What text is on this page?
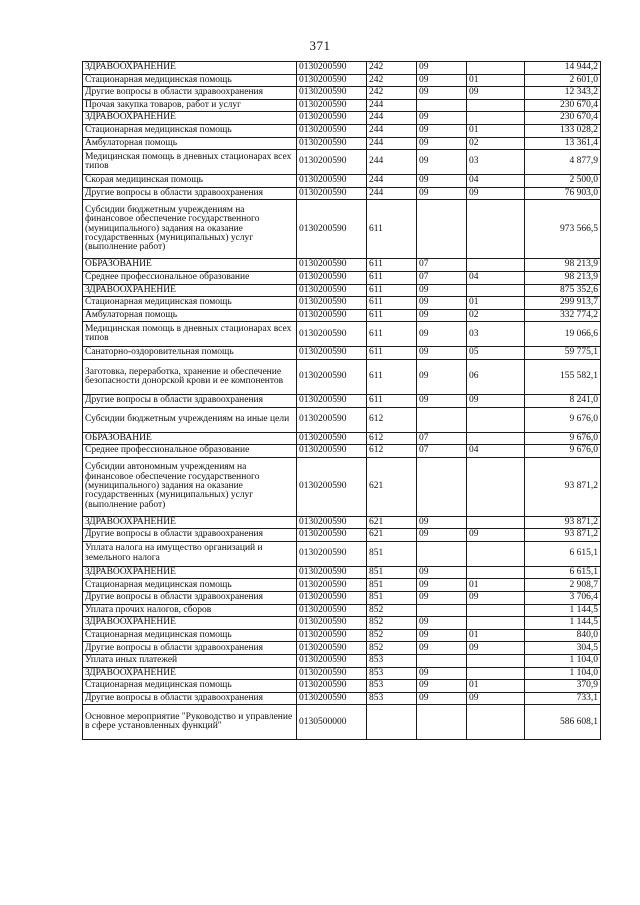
371
ЗДРАВООХРАНЕНИЕ	0130200590	242	09		14 944,2
Стационарная медицинская помощь	0130200590	242	09	01	2 601,0
Другие вопросы в области здравоохранения	0130200590	242	09	09	12 343,2
Прочая закупка товаров, работ и услуг	0130200590	244			230 670,4
ЗДРАВООХРАНЕНИЕ	0130200590	244	09		230 670,4
Стационарная медицинская помощь	0130200590	244	09	01	133 028,2
Амбулаторная помощь	0130200590	244	09	02	13 361,4
Медицинская помощь в дневных стационарах всех типов	0130200590	244	09	03	4 877,9
Скорая медицинская помощь	0130200590	244	09	04	2 500,0
Другие вопросы в области здравоохранения	0130200590	244	09	09	76 903,0
Субсидии бюджетным учреждениям на финансовое обеспечение государственного (муниципального) задания на оказание государственных (муниципальных) услуг (выполнение работ)	0130200590	611			973 566,5
ОБРАЗОВАНИЕ	0130200590	611	07		98 213,9
Среднее профессиональное образование	0130200590	611	07	04	98 213,9
ЗДРАВООХРАНЕНИЕ	0130200590	611	09		875 352,6
Стационарная медицинская помощь	0130200590	611	09	01	299 913,7
Амбулаторная помощь	0130200590	611	09	02	332 774,2
Медицинская помощь в дневных стационарах всех типов	0130200590	611	09	03	19 066,6
Санаторно-оздоровительная помощь	0130200590	611	09	05	59 775,1
Заготовка, переработка, хранение и обеспечение безопасности донорской крови и ее компонентов	0130200590	611	09	06	155 582,1
Другие вопросы в области здравоохранения	0130200590	611	09	09	8 241,0
Субсидии бюджетным учреждениям на иные цели	0130200590	612			9 676,0
ОБРАЗОВАНИЕ	0130200590	612	07		9 676,0
Среднее профессиональное образование	0130200590	612	07	04	9 676,0
Субсидии автономным учреждениям на финансовое обеспечение государственного (муниципального) задания на оказание государственных (муниципальных) услуг (выполнение работ)	0130200590	621			93 871,2
ЗДРАВООХРАНЕНИЕ	0130200590	621	09		93 871,2
Другие вопросы в области здравоохранения	0130200590	621	09	09	93 871,2
Уплата налога на имущество организаций и земельного налога	0130200590	851			6 615,1
ЗДРАВООХРАНЕНИЕ	0130200590	851	09		6 615,1
Стационарная медицинская помощь	0130200590	851	09	01	2 908,7
Другие вопросы в области здравоохранения	0130200590	851	09	09	3 706,4
Уплата прочих налогов, сборов	0130200590	852			1 144,5
ЗДРАВООХРАНЕНИЕ	0130200590	852	09		1 144,5
Стационарная медицинская помощь	0130200590	852	09	01	840,0
Другие вопросы в области здравоохранения	0130200590	852	09	09	304,5
Уплата иных платежей	0130200590	853			1 104,0
ЗДРАВООХРАНЕНИЕ	0130200590	853	09		1 104,0
Стационарная медицинская помощь	0130200590	853	09	01	370,9
Другие вопросы в области здравоохранения	0130200590	853	09	09	733,1
Основное мероприятие "Руководство и управление в сфере установленных функций"	0130500000				586 608,1
